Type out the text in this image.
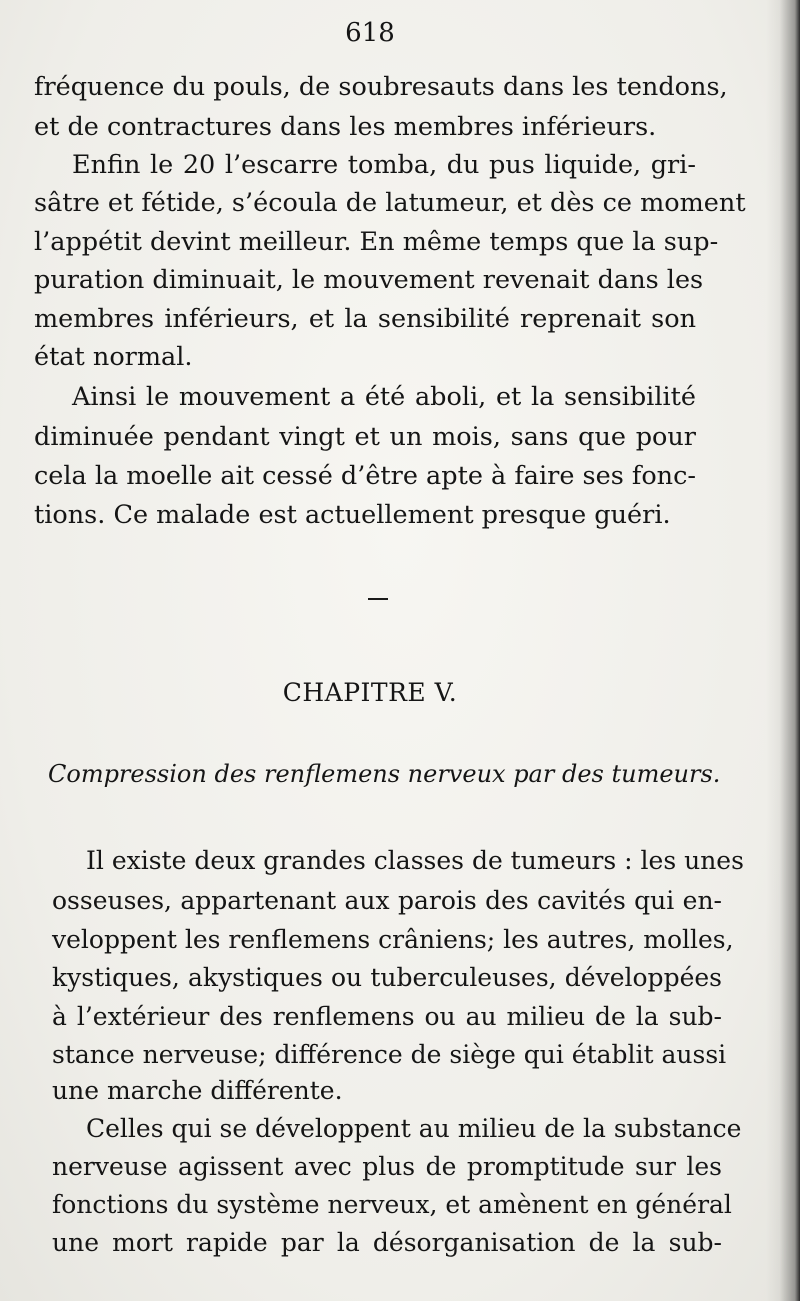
618
fréquence du pouls, de soubresauts dans les tendons,
et de contractures dans les membres inférieurs.
Enfin le 20 l’escarre tomba, du pus liquide, gri-
sâtre et fétide, s’écoula de latumeur, et dès ce moment
l’appétit devint meilleur. En même temps que la sup-
puration diminuait, le mouvement revenait dans les
membres inférieurs, et la sensibilité reprenait son
état normal.
Ainsi le mouvement a été aboli, et la sensibilité
diminuée pendant vingt et un mois, sans que pour
cela la moelle ait cessé d’être apte à faire ses fonc-
tions. Ce malade est actuellement presque guéri.
CHAPITRE V.
Compression des renflemens nerveux par des tumeurs.
Il existe deux grandes classes de tumeurs : les unes
osseuses, appartenant aux parois des cavités qui en-
veloppent les renflemens crâniens; les autres, molles,
kystiques, akystiques ou tuberculeuses, développées
à l’extérieur des renflemens ou au milieu de la sub-
stance nerveuse; différence de siège qui établit aussi
une marche différente.
Celles qui se développent au milieu de la substance
nerveuse agissent avec plus de promptitude sur les
fonctions du système nerveux, et amènent en général
une mort rapide par la désorganisation de la sub-
